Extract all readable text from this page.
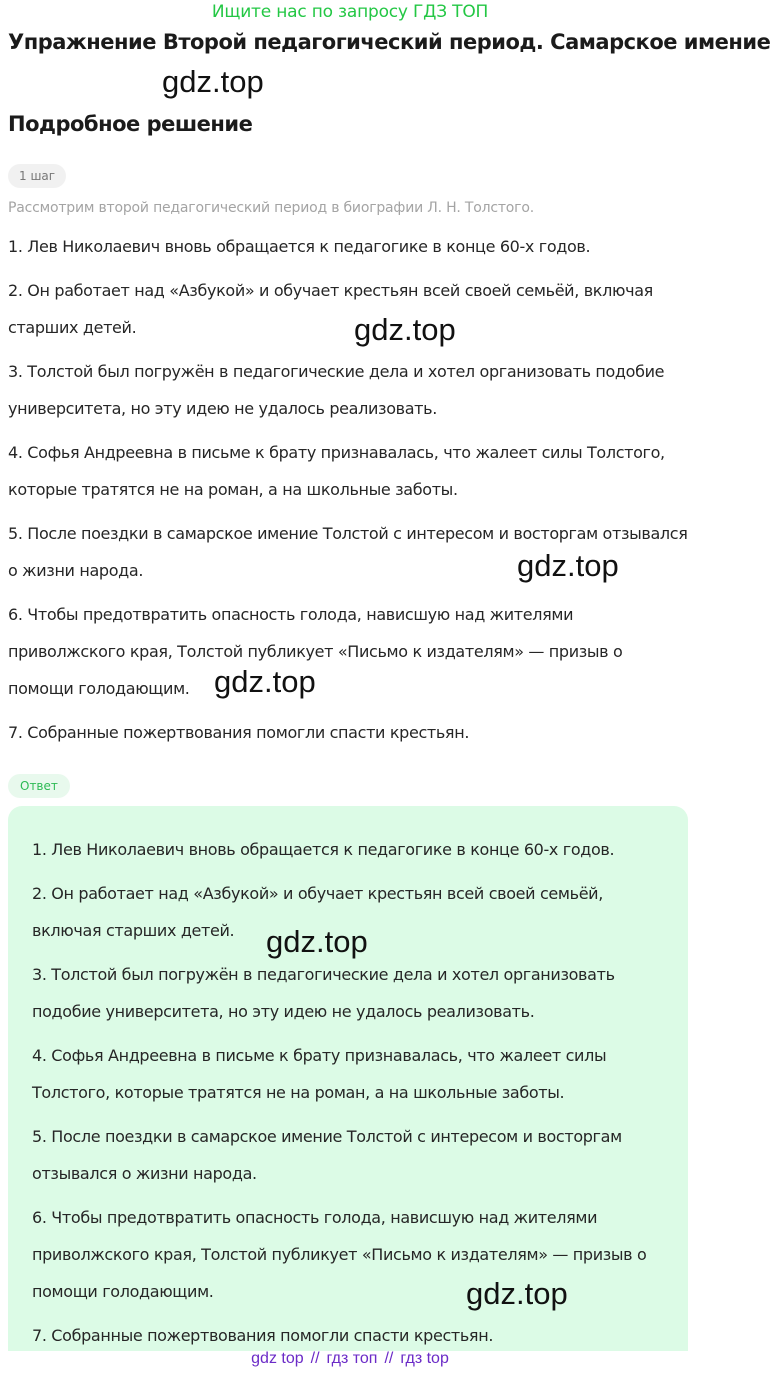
Ищите нас по запросу ГДЗ ТОП
Упражнение Второй педагогический период. Самарское имение
gdz.top
Подробное решение
1 шаг
Рассмотрим второй педагогический период в биографии Л. Н. Толстого.
1. Лев Николаевич вновь обращается к педагогике в конце 60-х годов.
2. Он работает над «Азбукой» и обучает крестьян всей своей семьёй, включая старших детей.
3. Толстой был погружён в педагогические дела и хотел организовать подобие университета, но эту идею не удалось реализовать.
4. Софья Андреевна в письме к брату признавалась, что жалеет силы Толстого, которые тратятся не на роман, а на школьные заботы.
5. После поездки в самарское имение Толстой с интересом и восторгам отзывался о жизни народа.
6. Чтобы предотвратить опасность голода, нависшую над жителями приволжского края, Толстой публикует «Письмо к издателям» — призыв о помощи голодающим.
7. Собранные пожертвования помогли спасти крестьян.
gdz.top
gdz.top
gdz.top
Ответ
1. Лев Николаевич вновь обращается к педагогике в конце 60-х годов.
2. Он работает над «Азбукой» и обучает крестьян всей своей семьёй, включая старших детей.
3. Толстой был погружён в педагогические дела и хотел организовать подобие университета, но эту идею не удалось реализовать.
4. Софья Андреевна в письме к брату признавалась, что жалеет силы Толстого, которые тратятся не на роман, а на школьные заботы.
5. После поездки в самарское имение Толстой с интересом и восторгам отзывался о жизни народа.
6. Чтобы предотвратить опасность голода, нависшую над жителями приволжского края, Толстой публикует «Письмо к издателям» — призыв о помощи голодающим.
7. Собранные пожертвования помогли спасти крестьян.
gdz.top
gdz.top
gdz top // гдз топ // гдз top
